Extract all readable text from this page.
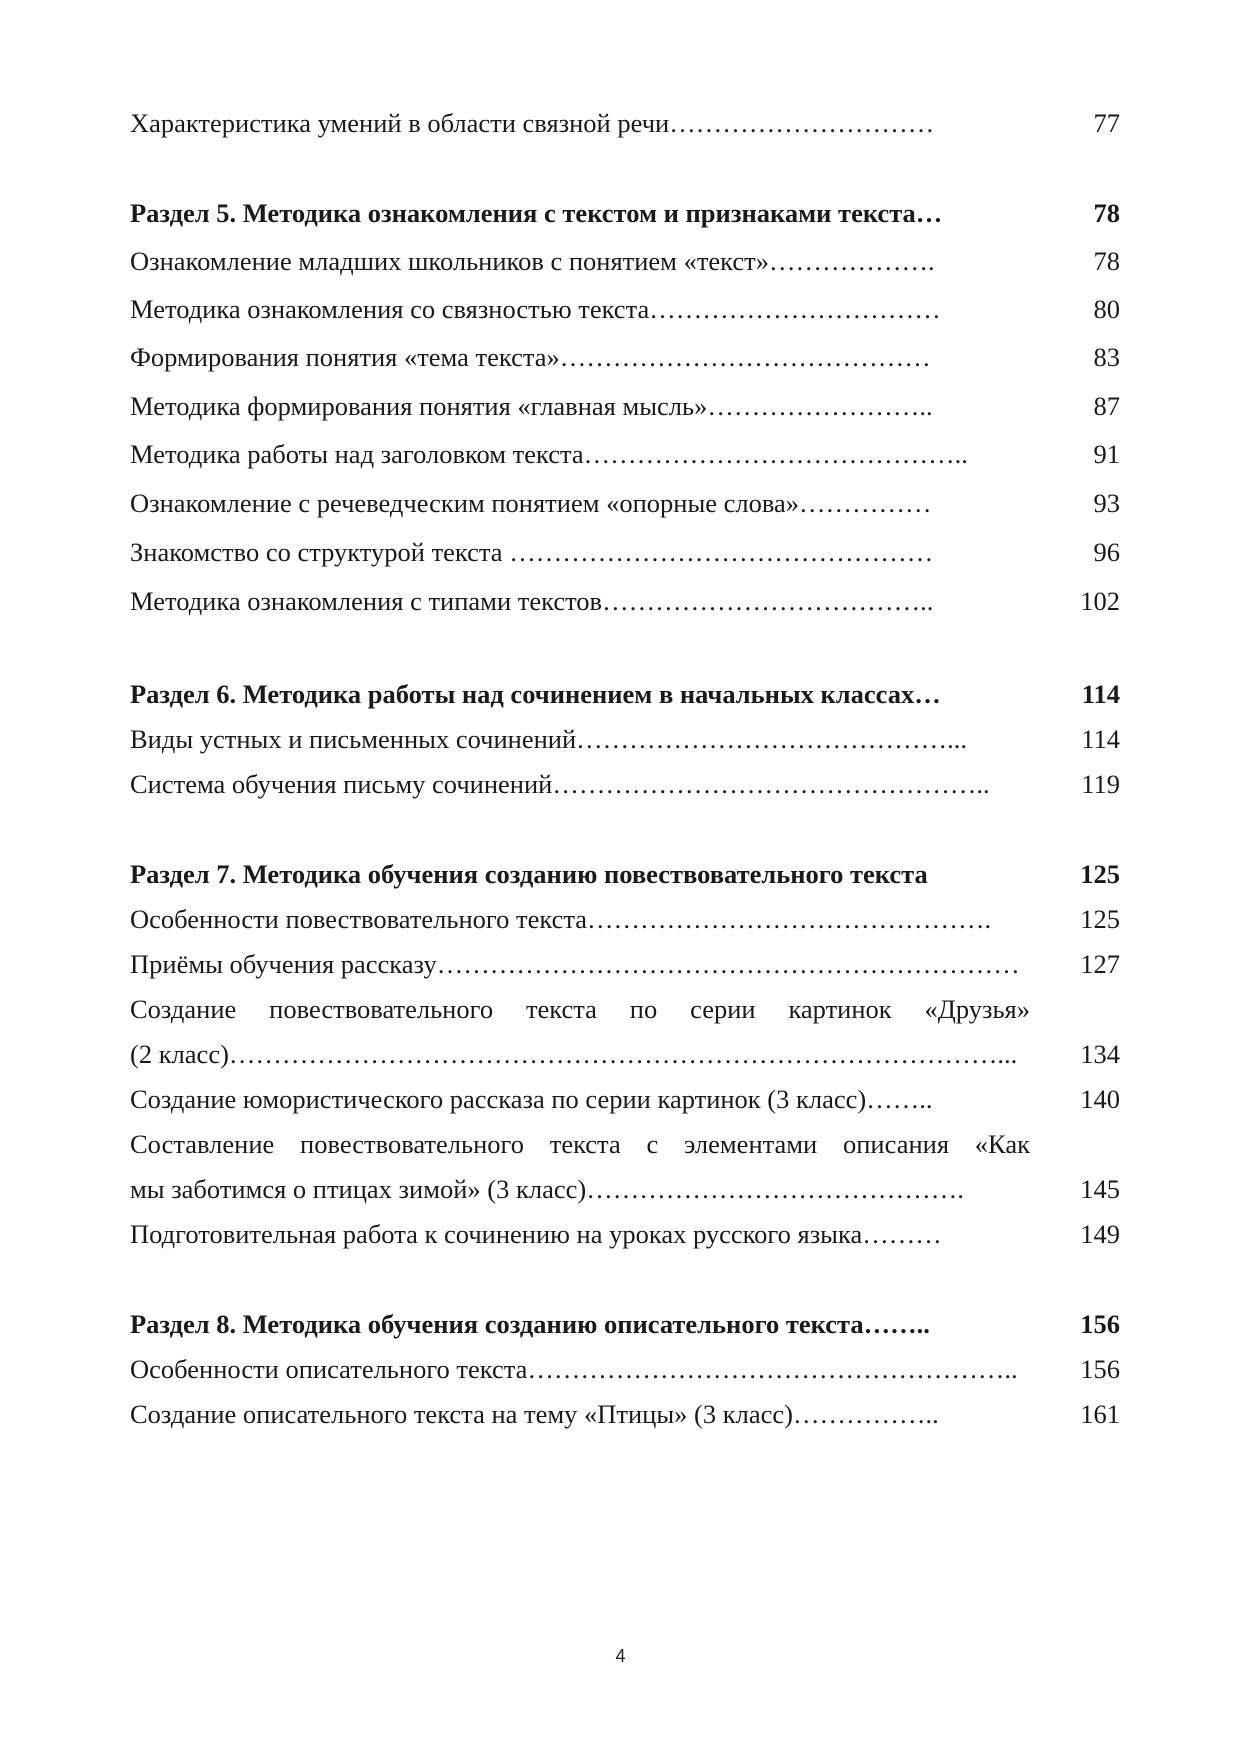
Характеристика умений в области связной речи…………………………	77
Раздел 5. Методика ознакомления с текстом и признаками текста…	78
Ознакомление младших школьников с понятием «текст»……………….	78
Методика ознакомления со связностью текста……………………………	80
Формирования понятия «тема текста»……………………………………	83
Методика формирования понятия «главная мысль»……………………..	87
Методика работы над заголовком текста……………………………………..	91
Ознакомление с речеведческим понятием «опорные слова»……………	93
Знакомство со структурой текста …………………………………………	96
Методика ознакомления с типами текстов………………………………..	102
Раздел 6. Методика работы над сочинением в начальных классах…	114
Виды устных и письменных сочинений……………………………………...	114
Система обучения письму сочинений…………………………………………..	119
Раздел 7. Методика обучения созданию повествовательного текста	125
Особенности повествовательного текста……………………………………….	125
Приёмы обучения рассказу…………………………………………………………	127
Создание повествовательного текста по серии картинок «Друзья»
(2 класс)……………………………………………………………………………...	134
Создание юмористического рассказа по серии картинок (3 класс)……..	140
Составление повествовательного текста с элементами описания «Как
мы заботимся о птицах зимой» (3 класс)…………………………………….	145
Подготовительная работа к сочинению на уроках русского языка………	149
Раздел 8. Методика обучения созданию описательного текста……..	156
Особенности описательного текста………………………………………………..	156
Создание описательного текста на тему «Птицы» (3 класс)……………..	161
4
